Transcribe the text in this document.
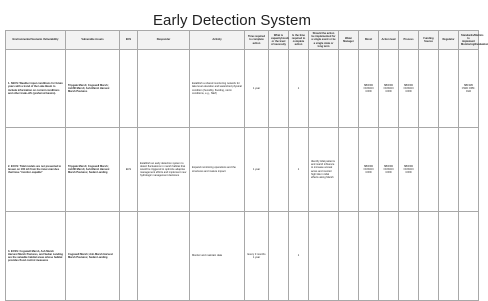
Early Detection System
Environmental Scenario Vulnerability	Vulnerable Assets	ECS	Responder	Activity	Time required to complete action	What is capacity/stock or the level of necessity	Is the time required to complete action	Should the action be implemented for a single event or be a single state or long term	Water Manager	Direct	Action lead	Process	Funding Source	Regulator	Standards/Metrics to implement Monitoring/Evaluation
1. SECS: Weather input conditions for future years with a trend of the Lake Basin to include information on current conditions and other trade-offs (preferred basins).	Tripgale Marsh; Cogswell Marsh; Ashfill Marsh; Ash-Marsh Harvest Marsh Pastures			Establish a shared monitoring network for lake level elevation and watershed physical condition (humidity, flooding, storm conditions, e.g., SEZ)	1 year		1			SBWFD OCWCN CWD	SBWFD OCWCN CWD	SBWFD OCWCN CWD			SBFWD CWD OPR-OLD
2. ECCS: Tidal models are not presented to lessen on 100 m3 from the inner-marshes that have "monitor-capable"	Tripgale Marsh; Cogswell Marsh; Ashfill Marsh; Ash-Marsh Harvest Marsh Pastures; Sedan Landing	ECS	Establish an early detection system to detect fluctuations in marsh habitat that would be triggered to optimize adaptive management efforts and implement new hydrologic management decisions	Expand monitoring operations and the structures and mature impact	1 year		1	Identify tidal patterns and marsh influence to increase annual acres and monitor high tide in tidal effects along Marsh		SBWFD OCWCN CWD	SBWFD OCWCN CWD	SBWFD OCWCN CWD			
3. ECSS: Cogswell Marsh, Ash Marsh Harvest Marsh Pastures, and Sedan Landing are the valuable habitat areas whose habitat provides flood control measures	Cogswell Marsh; Ash-Marsh Harvest Marsh Pastures; Sedan Landing			Monitor and maintain data	Every 3 months 1 year		1								
